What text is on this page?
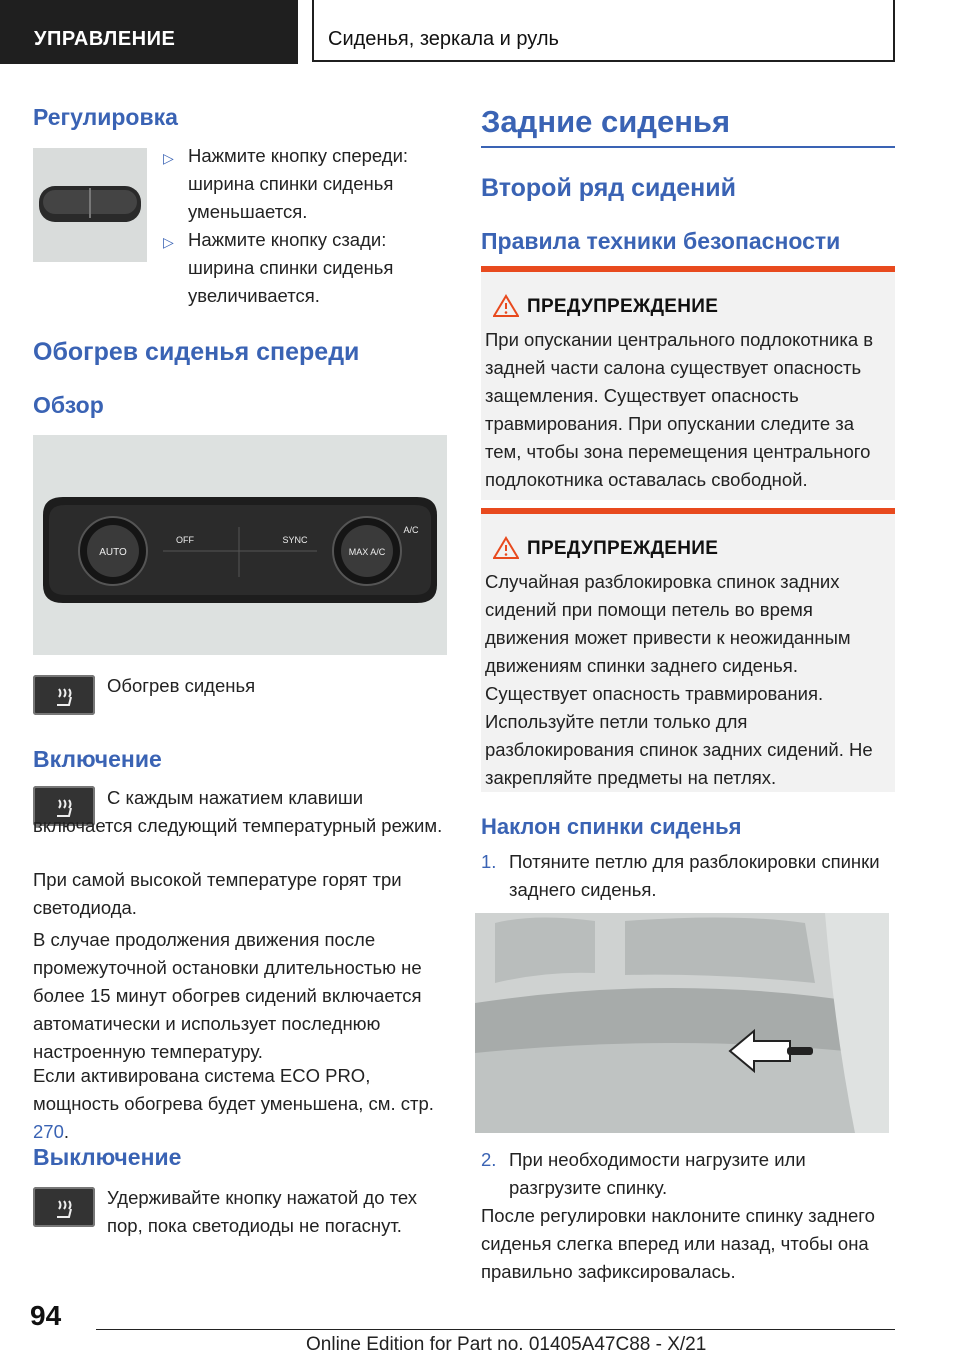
УПРАВЛЕНИЕ	Сиденья, зеркала и руль
Регулировка
▷ Нажмите кнопку спереди: ширина спинки сиденья уменьшается.

▷ Нажмите кнопку сзади: ширина спинки сиденья увеличивается.

Обогрев сиденья спереди
Обзор
AUTO
OFF	SYNC
MAX A/C
A/C

Обогрев сиденья

Включение

С каждым нажатием клавиши включается следующий температурный режим.

При самой высокой температуре горят три светодиода.

В случае продолжения движения после промежуточной остановки длительностью не более 15 минут обогрев сидений включается автоматически и использует последнюю настроенную температуру.

Если активирована система ECO PRO, мощность обогрева будет уменьшена, см. стр. 270.

Выключение

Удерживайте кнопку нажатой до тех пор, пока светодиоды не погаснут.

Задние сиденья
Второй ряд сидений
Правила техники безопасности
ПРЕДУПРЕЖДЕНИЕ
При опускании центрального подлокотника в задней части салона существует опасность защемления. Существует опасность травмирования. При опускании следите за тем, чтобы зона перемещения центрального подлокотника оставалась свободной.
ПРЕДУПРЕЖДЕНИЕ
Случайная разблокировка спинок задних сидений при помощи петель во время движения может привести к неожиданным движениям спинки заднего сиденья. Существует опасность травмирования. Используйте петли только для разблокирования спинок задних сидений. Не закрепляйте предметы на петлях.
Наклон спинки сиденья
1. Потяните петлю для разблокировки спинки заднего сиденья.

2. При необходимости нагрузите или разгрузите спинку.

После регулировки наклоните спинку заднего сиденья слегка вперед или назад, чтобы она правильно зафиксировалась.

94
Online Edition for Part no. 01405A47C88 - X/21
